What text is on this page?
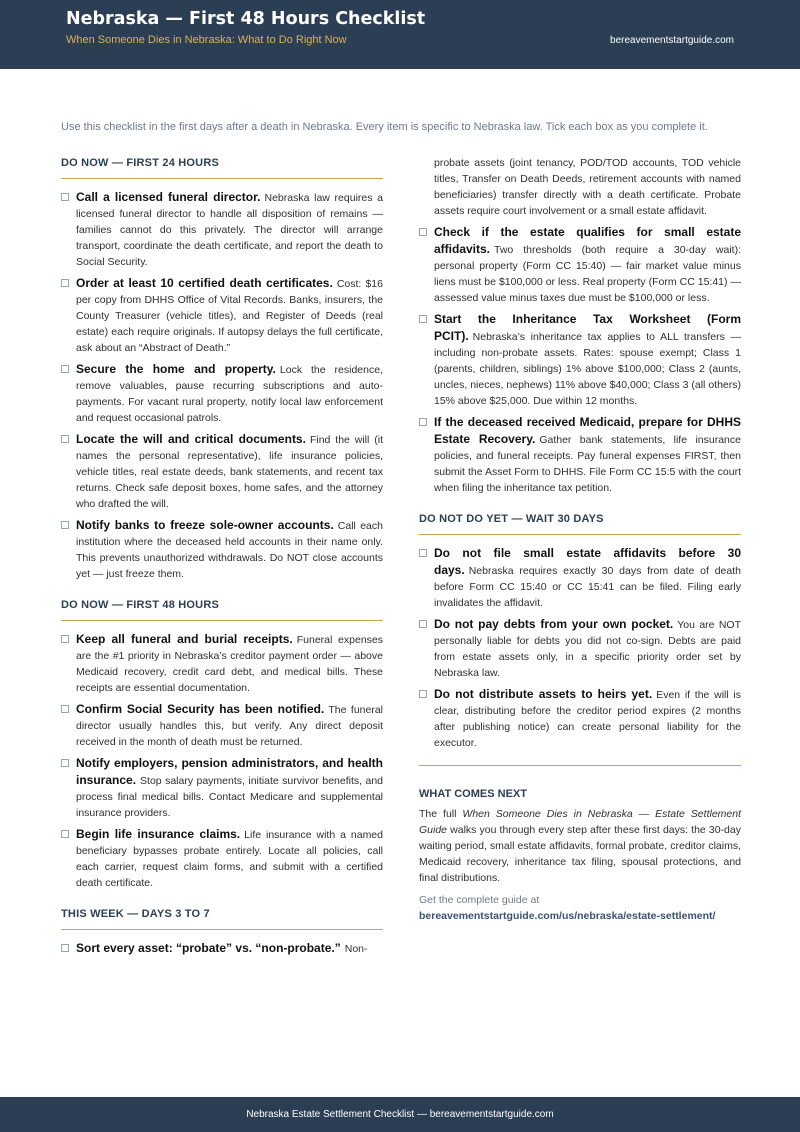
Nebraska — First 48 Hours Checklist
When Someone Dies in Nebraska: What to Do Right Now	bereavementstartguide.com
Use this checklist in the first days after a death in Nebraska. Every item is specific to Nebraska law. Tick each box as you complete it.
DO NOW — FIRST 24 HOURS
Call a licensed funeral director. Nebraska law requires a licensed funeral director to handle all disposition of remains — families cannot do this privately. The director will arrange transport, coordinate the death certificate, and report the death to Social Security.
Order at least 10 certified death certificates. Cost: $16 per copy from DHHS Office of Vital Records. Banks, insurers, the County Treasurer (vehicle titles), and Register of Deeds (real estate) each require originals. If autopsy delays the full certificate, ask about an “Abstract of Death.”
Secure the home and property. Lock the residence, remove valuables, pause recurring subscriptions and auto-payments. For vacant rural property, notify local law enforcement and request occasional patrols.
Locate the will and critical documents. Find the will (it names the personal representative), life insurance policies, vehicle titles, real estate deeds, bank statements, and recent tax returns. Check safe deposit boxes, home safes, and the attorney who drafted the will.
Notify banks to freeze sole-owner accounts. Call each institution where the deceased held accounts in their name only. This prevents unauthorized withdrawals. Do NOT close accounts yet — just freeze them.
DO NOW — FIRST 48 HOURS
Keep all funeral and burial receipts. Funeral expenses are the #1 priority in Nebraska’s creditor payment order — above Medicaid recovery, credit card debt, and medical bills. These receipts are essential documentation.
Confirm Social Security has been notified. The funeral director usually handles this, but verify. Any direct deposit received in the month of death must be returned.
Notify employers, pension administrators, and health insurance. Stop salary payments, initiate survivor benefits, and process final medical bills. Contact Medicare and supplemental insurance providers.
Begin life insurance claims. Life insurance with a named beneficiary bypasses probate entirely. Locate all policies, call each carrier, request claim forms, and submit with a certified death certificate.
THIS WEEK — DAYS 3 TO 7
Sort every asset: “probate” vs. “non-probate.” Non-
probate assets (joint tenancy, POD/TOD accounts, TOD vehicle titles, Transfer on Death Deeds, retirement accounts with named beneficiaries) transfer directly with a death certificate. Probate assets require court involvement or a small estate affidavit.
Check if the estate qualifies for small estate affidavits. Two thresholds (both require a 30-day wait): personal property (Form CC 15:40) — fair market value minus liens must be $100,000 or less. Real property (Form CC 15:41) — assessed value minus taxes due must be $100,000 or less.
Start the Inheritance Tax Worksheet (Form PCIT). Nebraska’s inheritance tax applies to ALL transfers — including non-probate assets. Rates: spouse exempt; Class 1 (parents, children, siblings) 1% above $100,000; Class 2 (aunts, uncles, nieces, nephews) 11% above $40,000; Class 3 (all others) 15% above $25,000. Due within 12 months.
If the deceased received Medicaid, prepare for DHHS Estate Recovery. Gather bank statements, life insurance policies, and funeral receipts. Pay funeral expenses FIRST, then submit the Asset Form to DHHS. File Form CC 15:5 with the court when filing the inheritance tax petition.
DO NOT DO YET — WAIT 30 DAYS
Do not file small estate affidavits before 30 days. Nebraska requires exactly 30 days from date of death before Form CC 15:40 or CC 15:41 can be filed. Filing early invalidates the affidavit.
Do not pay debts from your own pocket. You are NOT personally liable for debts you did not co-sign. Debts are paid from estate assets only, in a specific priority order set by Nebraska law.
Do not distribute assets to heirs yet. Even if the will is clear, distributing before the creditor period expires (2 months after publishing notice) can create personal liability for the executor.
WHAT COMES NEXT
The full When Someone Dies in Nebraska — Estate Settlement Guide walks you through every step after these first days: the 30-day waiting period, small estate affidavits, formal probate, creditor claims, Medicaid recovery, inheritance tax filing, spousal protections, and final distributions.
Get the complete guide at
bereavementstartguide.com/us/nebraska/estate-settlement/
Nebraska Estate Settlement Checklist — bereavementstartguide.com
